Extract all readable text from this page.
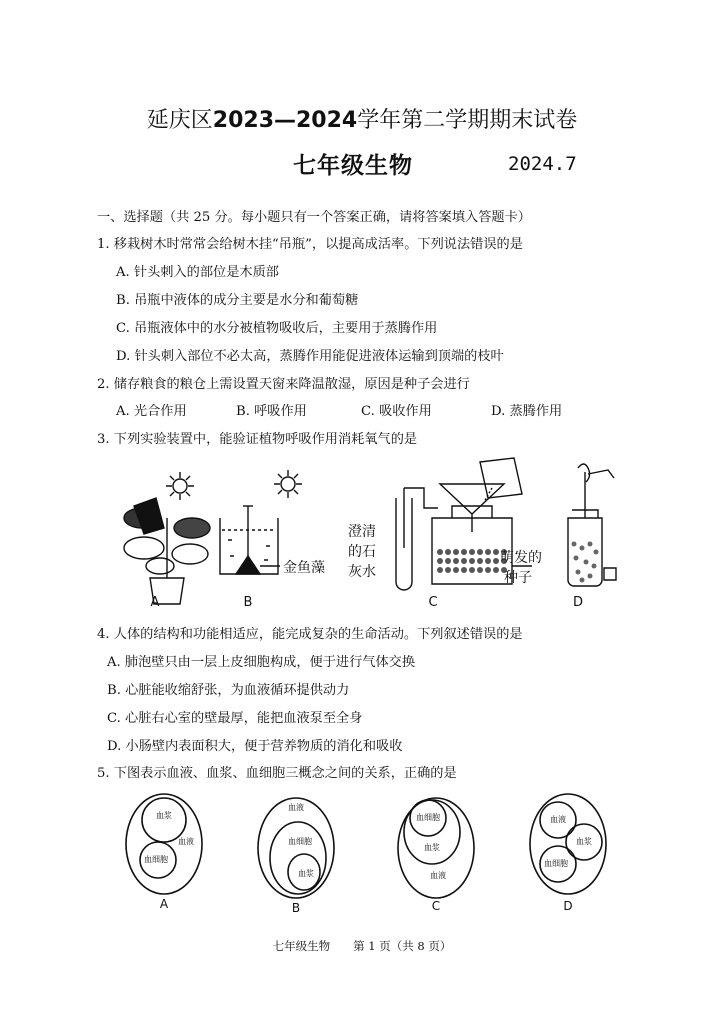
延庆区2023—2024学年第二学期期末试卷
七年级生物	2024.7
一、选择题（共 25 分。每小题只有一个答案正确，请将答案填入答题卡）
1. 移栽树木时常常会给树木挂“吊瓶”，以提高成活率。下列说法错误的是
A. 针头刺入的部位是木质部
B. 吊瓶中液体的成分主要是水分和葡萄糖
C. 吊瓶液体中的水分被植物吸收后，主要用于蒸腾作用
D. 针头刺入部位不必太高，蒸腾作用能促进液体运输到顶端的枝叶
2. 储存粮食的粮仓上需设置天窗来降温散湿，原因是种子会进行
A. 光合作用	B. 呼吸作用	C. 吸收作用	D. 蒸腾作用
3. 下列实验装置中，能验证植物呼吸作用消耗氧气的是
金鱼藻
澄清
的石
灰水
萌发的
种子
A	B	C	D
4. 人体的结构和功能相适应，能完成复杂的生命活动。下列叙述错误的是
A. 肺泡壁只由一层上皮细胞构成，便于进行气体交换
B. 心脏能收缩舒张，为血液循环提供动力
C. 心脏右心室的壁最厚，能把血液泵至全身
D. 小肠壁内表面积大，便于营养物质的消化和吸收
5. 下图表示血液、血浆、血细胞三概念之间的关系，正确的是
血浆
血液
血细胞
血液
血细胞
血浆
血细胞
血浆
血液
血液
血浆
血细胞
A	B	C	D
七年级生物　　第 1 页（共 8 页）
